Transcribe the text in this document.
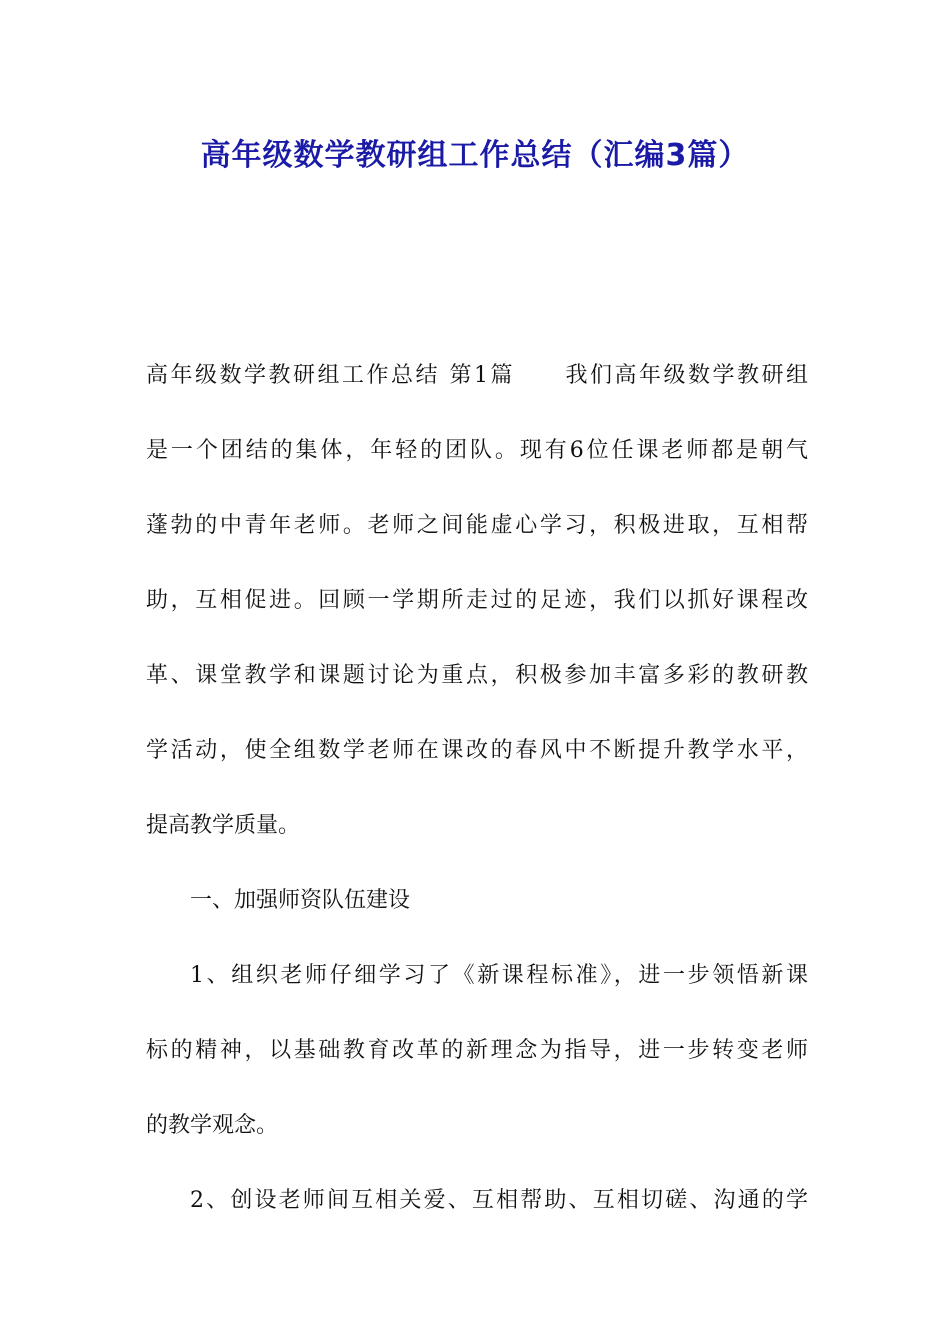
高年级数学教研组工作总结（汇编3篇）
高年级数学教研组工作总结 第1篇 我们高年级数学教研组
是一个团结的集体，年轻的团队。现有6位任课老师都是朝气
蓬勃的中青年老师。老师之间能虚心学习，积极进取，互相帮
助，互相促进。回顾一学期所走过的足迹，我们以抓好课程改
革、课堂教学和课题讨论为重点，积极参加丰富多彩的教研教
学活动，使全组数学老师在课改的春风中不断提升教学水平，
提高教学质量。
一、加强师资队伍建设
1、组织老师仔细学习了《新课程标准》，进一步领悟新课
标的精神，以基础教育改革的新理念为指导，进一步转变老师
的教学观念。
2、创设老师间互相关爱、互相帮助、互相切磋、沟通的学
